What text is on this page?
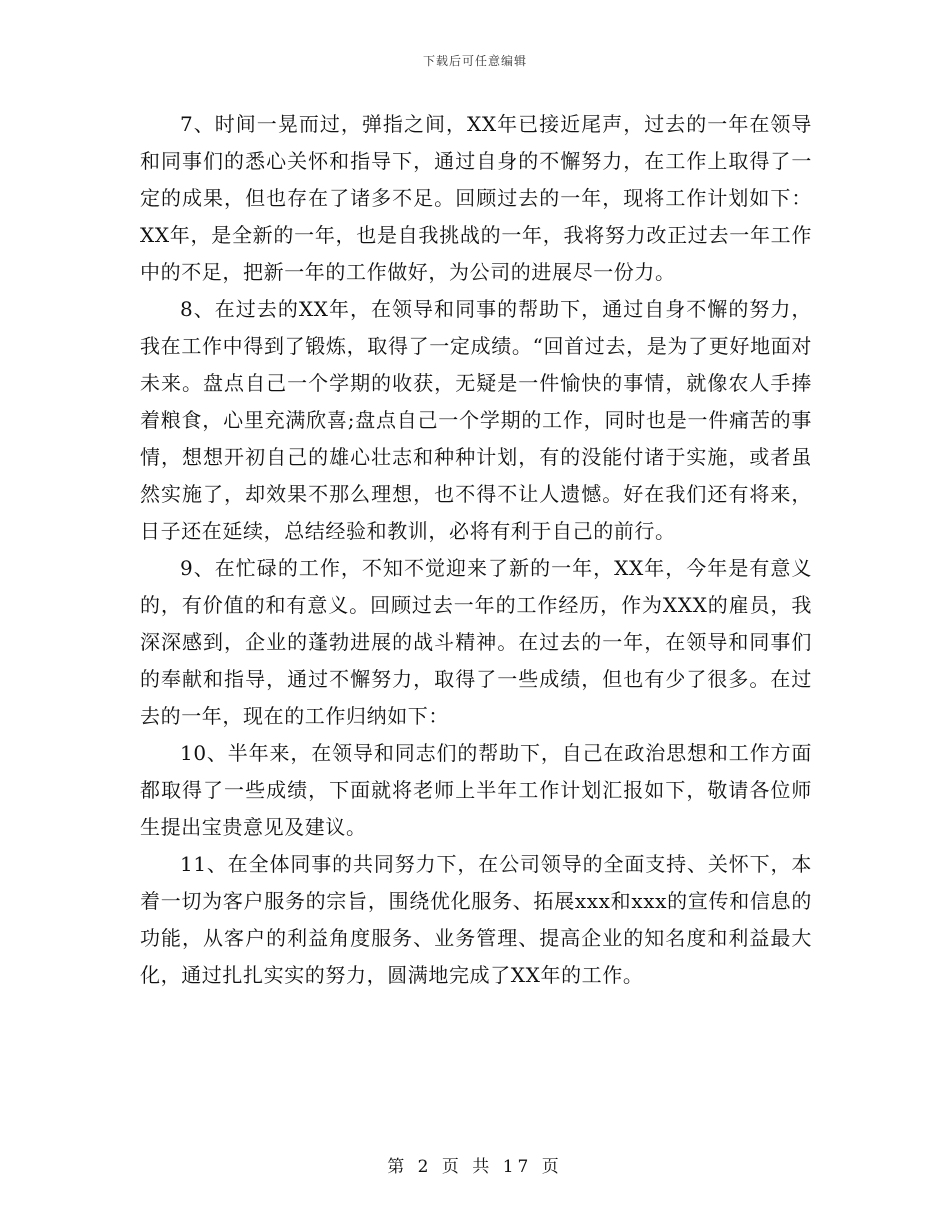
下载后可任意编辑

7、时间一晃而过，弹指之间，XX年已接近尾声，过去的一年在领导和同事们的悉心关怀和指导下，通过自身的不懈努力，在工作上取得了一定的成果，但也存在了诸多不足。回顾过去的一年，现将工作计划如下：XX年，是全新的一年，也是自我挑战的一年，我将努力改正过去一年工作中的不足，把新一年的工作做好，为公司的进展尽一份力。

8、在过去的XX年，在领导和同事的帮助下，通过自身不懈的努力，我在工作中得到了锻炼，取得了一定成绩。“回首过去，是为了更好地面对未来。盘点自己一个学期的收获，无疑是一件愉快的事情，就像农人手捧着粮食，心里充满欣喜;盘点自己一个学期的工作，同时也是一件痛苦的事情，想想开初自己的雄心壮志和种种计划，有的没能付诸于实施，或者虽然实施了，却效果不那么理想，也不得不让人遗憾。好在我们还有将来，日子还在延续，总结经验和教训，必将有利于自己的前行。

9、在忙碌的工作，不知不觉迎来了新的一年，XX年，今年是有意义的，有价值的和有意义。回顾过去一年的工作经历，作为XXX的雇员，我深深感到，企业的蓬勃进展的战斗精神。在过去的一年，在领导和同事们的奉献和指导，通过不懈努力，取得了一些成绩，但也有少了很多。在过去的一年，现在的工作归纳如下：

10、半年来，在领导和同志们的帮助下，自己在政治思想和工作方面都取得了一些成绩，下面就将老师上半年工作计划汇报如下，敬请各位师生提出宝贵意见及建议。

11、在全体同事的共同努力下，在公司领导的全面支持、关怀下，本着一切为客户服务的宗旨，围绕优化服务、拓展xxx和xxx的宣传和信息的功能，从客户的利益角度服务、业务管理、提高企业的知名度和利益最大化，通过扎扎实实的努力，圆满地完成了XX年的工作。

第 2 页 共 17 页
